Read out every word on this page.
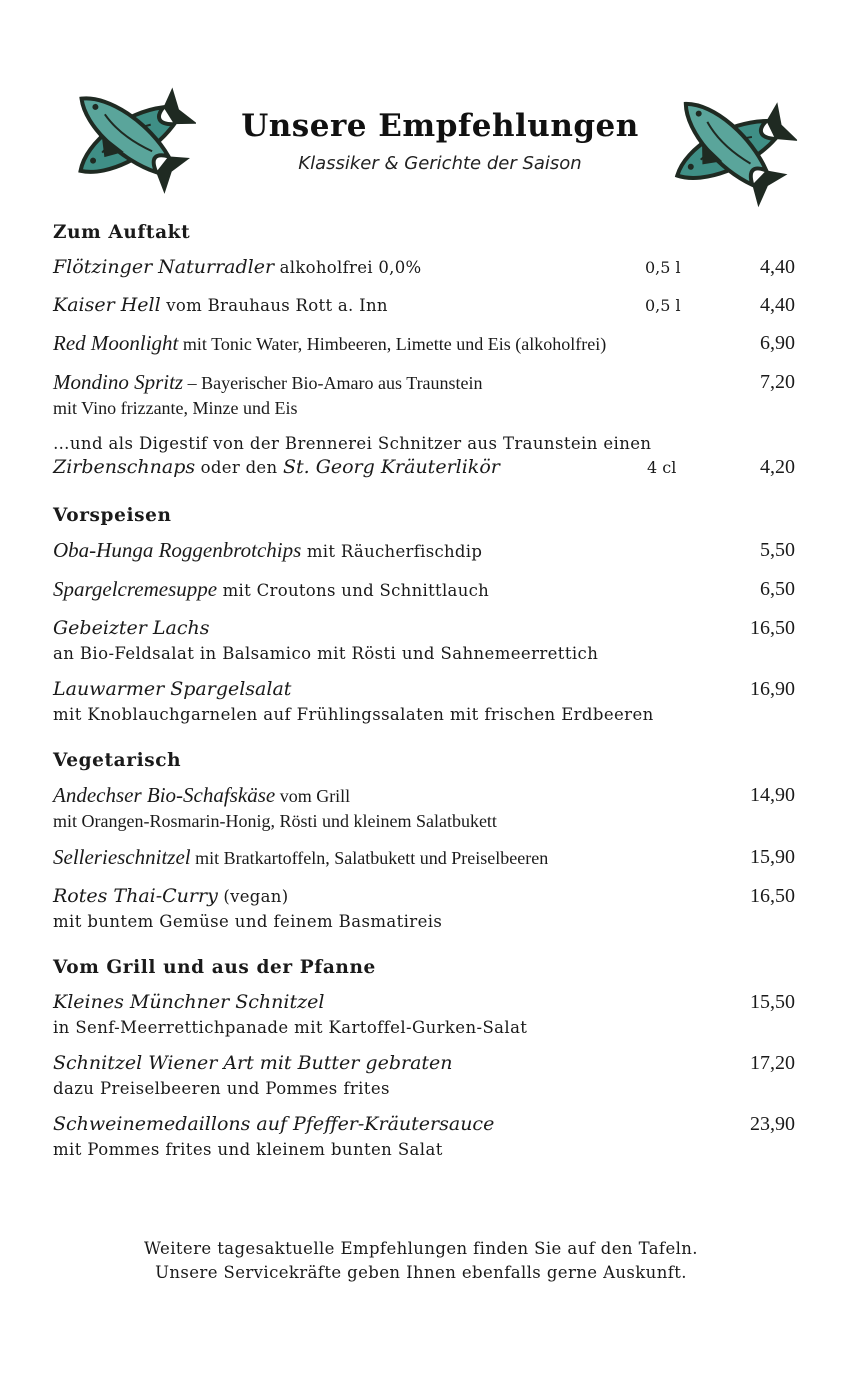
Unsere Empfehlungen
Klassiker & Gerichte der Saison
Zum Auftakt
Flötzinger Naturradler alkoholfrei 0,0%	0,5 l	4,40
Kaiser Hell vom Brauhaus Rott a. Inn	0,5 l	4,40
Red Moonlight mit Tonic Water, Himbeeren, Limette und Eis (alkoholfrei)	6,90
Mondino Spritz – Bayerischer Bio-Amaro aus Traunstein	7,20
mit Vino frizzante, Minze und Eis
…und als Digestif von der Brennerei Schnitzer aus Traunstein einen
Zirbenschnaps oder den St. Georg Kräuterlikör	4 cl	4,20
Vorspeisen
Oba-Hunga Roggenbrotchips mit Räucherfischdip	5,50
Spargelcremesuppe mit Croutons und Schnittlauch	6,50
Gebeizter Lachs	16,50
an Bio-Feldsalat in Balsamico mit Rösti und Sahnemeerrettich
Lauwarmer Spargelsalat	16,90
mit Knoblauchgarnelen auf Frühlingssalaten mit frischen Erdbeeren
Vegetarisch
Andechser Bio-Schafskäse vom Grill	14,90
mit Orangen-Rosmarin-Honig, Rösti und kleinem Salatbukett
Sellerieschnitzel mit Bratkartoffeln, Salatbukett und Preiselbeeren	15,90
Rotes Thai-Curry (vegan)	16,50
mit buntem Gemüse und feinem Basmatireis
Vom Grill und aus der Pfanne
Kleines Münchner Schnitzel	15,50
in Senf-Meerrettichpanade mit Kartoffel-Gurken-Salat
Schnitzel Wiener Art mit Butter gebraten	17,20
dazu Preiselbeeren und Pommes frites
Schweinemedaillons auf Pfeffer-Kräutersauce	23,90
mit Pommes frites und kleinem bunten Salat
Weitere tagesaktuelle Empfehlungen finden Sie auf den Tafeln.
Unsere Servicekräfte geben Ihnen ebenfalls gerne Auskunft.
